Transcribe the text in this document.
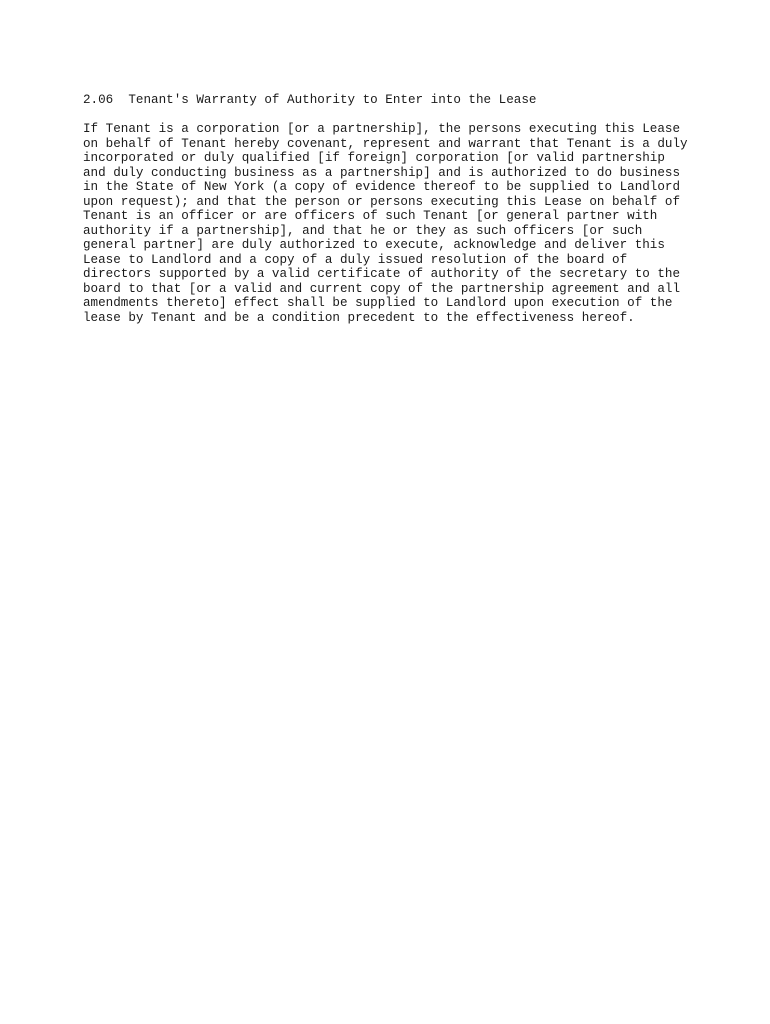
2.06  Tenant's Warranty of Authority to Enter into the Lease
If Tenant is a corporation [or a partnership], the persons executing this Lease
on behalf of Tenant hereby covenant, represent and warrant that Tenant is a duly
incorporated or duly qualified [if foreign] corporation [or valid partnership
and duly conducting business as a partnership] and is authorized to do business
in the State of New York (a copy of evidence thereof to be supplied to Landlord
upon request); and that the person or persons executing this Lease on behalf of
Tenant is an officer or are officers of such Tenant [or general partner with
authority if a partnership], and that he or they as such officers [or such
general partner] are duly authorized to execute, acknowledge and deliver this
Lease to Landlord and a copy of a duly issued resolution of the board of
directors supported by a valid certificate of authority of the secretary to the
board to that [or a valid and current copy of the partnership agreement and all
amendments thereto] effect shall be supplied to Landlord upon execution of the
lease by Tenant and be a condition precedent to the effectiveness hereof.
